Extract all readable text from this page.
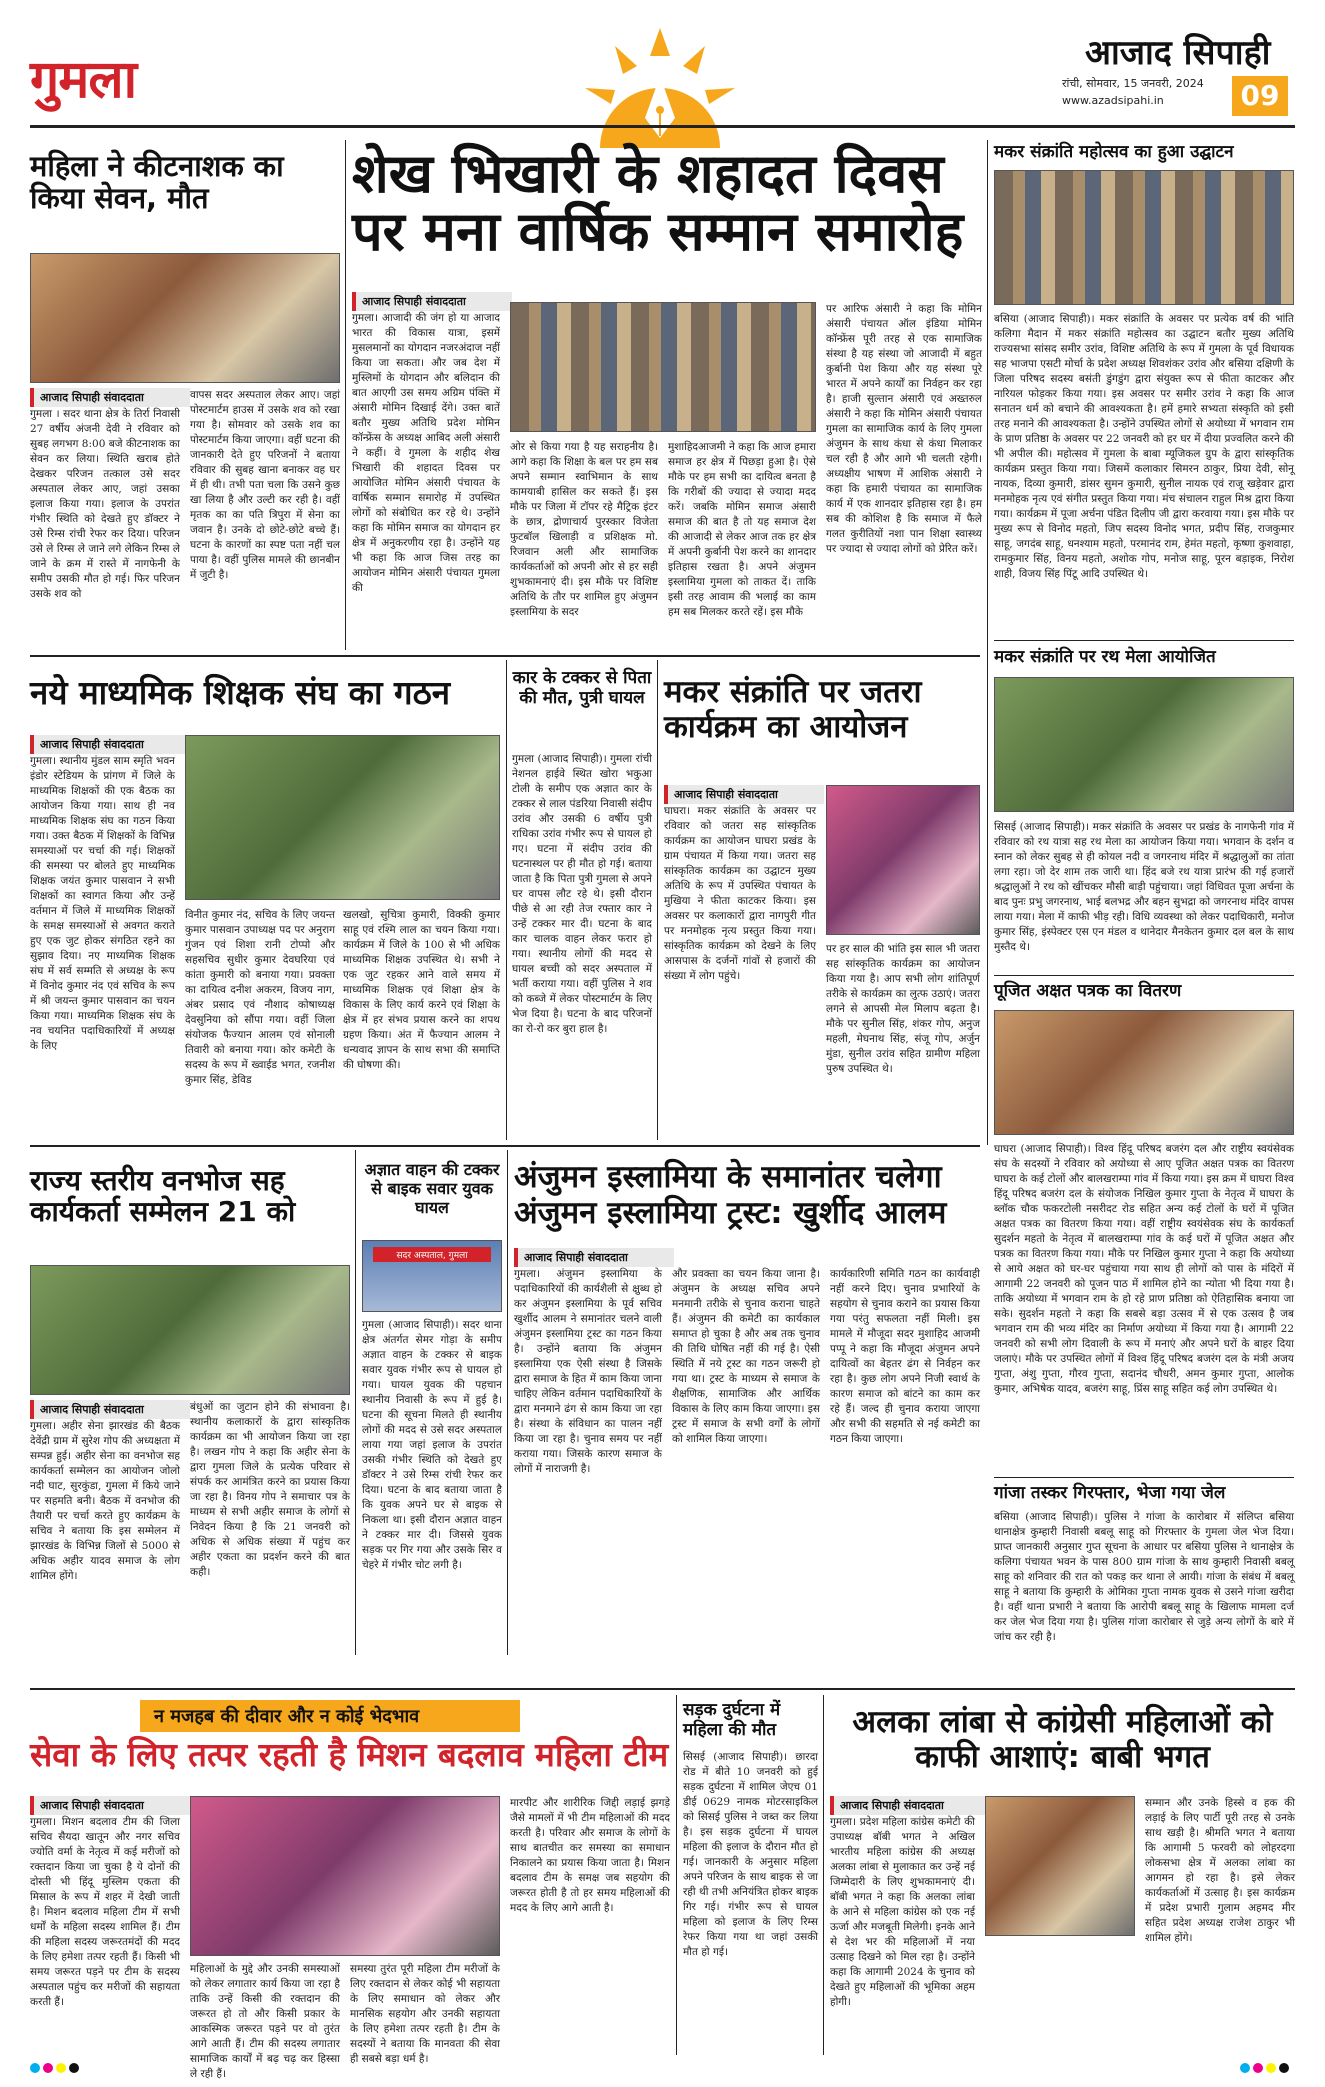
गुमला	आजाद सिपाही
रांची, सोमवार, 15 जनवरी, 2024
www.azadsipahi.in	09
महिला ने कीटनाशक का किया सेवन, मौत
आजाद सिपाही संवाददाता
गुमला । सदर थाना क्षेत्र के तिर्रा निवासी 27 वर्षीय अंजनी देवी ने रविवार को सुबह लगभग 8:00 बजे कीटनाशक का सेवन कर लिया। स्थिति खराब होते देखकर परिजन तत्काल उसे सदर अस्पताल लेकर आए, जहां उसका इलाज किया गया। इलाज के उपरांत गंभीर स्थिति को देखते हुए डॉक्टर ने उसे रिम्स रांची रेफर कर दिया। परिजन उसे ले रिम्स ले जाने लगे लेकिन रिम्स ले जाने के क्रम में रास्ते में नागफेनी के समीप उसकी मौत हो गई। फिर परिजन उसके शव को
वापस सदर अस्पताल लेकर आए। जहां पोस्टमार्टम हाउस में उसके शव को रखा गया है। सोमवार को उसके शव का पोस्टमार्टम किया जाएगा। वहीं घटना की जानकारी देते हुए परिजनों ने बताया रविवार की सुबह खाना बनाकर वह घर में ही थी। तभी पता चला कि उसने कुछ खा लिया है और उल्टी कर रही है। वहीं मृतक का का पति त्रिपुरा में सेना का जवान है। उनके दो छोटे-छोटे बच्चे हैं। घटना के कारणों का स्पष्ट पता नहीं चल पाया है। वहीं पुलिस मामले की छानबीन में जुटी है।
शेख भिखारी के शहादत दिवस पर मना वार्षिक सम्मान समारोह
आजाद सिपाही संवाददाता
गुमला। आजादी की जंग हो या आजाद भारत की विकास यात्रा, इसमें मुसलमानों का योगदान नजरअंदाज नहीं किया जा सकता। और जब देश में मुस्लिमों के योगदान और बलिदान की बात आएगी उस समय अग्रिम पंक्ति में अंसारी मोमिन दिखाई देंगे। उक्त बातें बतौर मुख्य अतिथि प्रदेश मोमिन कॉन्फ्रेंस के अध्यक्ष आबिद अली अंसारी ने कहीं। वे गुमला के शहीद शेख भिखारी की शहादत दिवस पर आयोजित मोमिन अंसारी पंचायत के वार्षिक सम्मान समारोह में उपस्थित लोगों को संबोधित कर रहे थे। उन्होंने कहा कि मोमिन समाज का योगदान हर क्षेत्र में अनुकरणीय रहा है। उन्होंने यह भी कहा कि आज जिस तरह का आयोजन मोमिन अंसारी पंचायत गुमला की
ओर से किया गया है यह सराहनीय है। आगे कहा कि शिक्षा के बल पर हम सब अपने सम्मान स्वाभिमान के साथ कामयाबी हासिल कर सकते हैं। इस मौके पर जिला में टॉपर रहे मैट्रिक इंटर के छात्र, द्रोणाचार्य पुरस्कार विजेता फुटबॉल खिलाड़ी व प्रशिक्षक मो. रिजवान अली और सामाजिक कार्यकर्ताओं को अपनी ओर से हर सही शुभकामनाएं दी। इस मौके पर विशिष्ट अतिथि के तौर पर शामिल हुए अंजुमन इस्लामिया के सदर
मुशाहिदआजमी ने कहा कि आज हमारा समाज हर क्षेत्र में पिछड़ा हुआ है। ऐसे मौके पर हम सभी का दायित्व बनता है कि गरीबों की ज्यादा से ज्यादा मदद करें। जबकि मोमिन समाज अंसारी समाज की बात है तो यह समाज देश की आजादी से लेकर आज तक हर क्षेत्र में अपनी कुर्बानी पेश करने का शानदार इतिहास रखता है। अपने अंजुमन इस्लामिया गुमला को ताकत दें। ताकि इसी तरह आवाम की भलाई का काम हम सब मिलकर करते रहें। इस मौके
पर आरिफ अंसारी ने कहा कि मोमिन अंसारी पंचायत ऑल इंडिया मोमिन कॉन्फ्रेंस पूरी तरह से एक सामाजिक संस्था है यह संस्था जो आजादी में बहुत कुर्बानी पेश किया और यह संस्था पूरे भारत में अपने कार्यों का निर्वहन कर रहा है। हाजी सुल्तान अंसारी एवं अख्तरुल अंसारी ने कहा कि मोमिन अंसारी पंचायत गुमला का सामाजिक कार्य के लिए गुमला अंजुमन के साथ कंधा से कंधा मिलाकर चल रही है और आगे भी चलती रहेगी। अध्यक्षीय भाषण में आशिक अंसारी ने कहा कि हमारी पंचायत का सामाजिक कार्य में एक शानदार इतिहास रहा है। हम सब की कोशिश है कि समाज में फैले गलत कुरीतियों नशा पान शिक्षा स्वास्थ्य पर ज्यादा से ज्यादा लोगों को प्रेरित करें।
मकर संक्रांति महोत्सव का हुआ उद्घाटन
बसिया (आजाद सिपाही)। मकर संक्रांति के अवसर पर प्रत्येक वर्ष की भांति कलिगा मैदान में मकर संक्रांति महोत्सव का उद्घाटन बतौर मुख्य अतिथि राज्यसभा सांसद समीर उरांव, विशिष्ट अतिथि के रूप में गुमला के पूर्व विधायक सह भाजपा एसटी मोर्चा के प्रदेश अध्यक्ष शिवशंकर उरांव और बसिया दक्षिणी के जिला परिषद सदस्य बसंती डुंगडुंग द्वारा संयुक्त रूप से फीता काटकर और नारियल फोड़कर किया गया। इस अवसर पर समीर उरांव ने कहा कि आज सनातन धर्म को बचाने की आवश्यकता है। हमें हमारे सभ्यता संस्कृति को इसी तरह मनाने की आवश्यकता है। उन्होंने उपस्थित लोगों से अयोध्या में भगवान राम के प्राण प्रतिष्ठा के अवसर पर 22 जनवरी को हर घर में दीया प्रज्वलित करने की भी अपील की। महोत्सव में गुमला के बाबा म्यूजिकल ग्रुप के द्वारा सांस्कृतिक कार्यक्रम प्रस्तुत किया गया। जिसमें कलाकार सिमरन ठाकुर, प्रिया देवी, सोनू नायक, दिव्या कुमारी, डांसर सुमन कुमारी, सुनील नायक एवं राजू खड़ेवार द्वारा मनमोहक नृत्य एवं संगीत प्रस्तुत किया गया। मंच संचालन राहुल मिश्र द्वारा किया गया। कार्यक्रम में पूजा अर्चना पंडित दिलीप जी द्वारा करवाया गया। इस मौके पर मुख्य रूप से विनोद महतो, जिप सदस्य विनोद भगत, प्रदीप सिंह, राजकुमार साहू, जगदंब साहू, धनश्याम महतो, परमानंद राम, हेमंत महतो, कृष्णा कुशवाहा, रामकुमार सिंह, विनय महतो, अशोक गोप, मनोज साहू, पूरन बड़ाइक, निरोश शाही, विजय सिंह पिंटू आदि उपस्थित थे।
मकर संक्रांति पर रथ मेला आयोजित
सिसई (आजाद सिपाही)। मकर संक्रांति के अवसर पर प्रखंड के नागफेनी गांव में रविवार को रथ यात्रा सह रथ मेला का आयोजन किया गया। भगवान के दर्शन व स्नान को लेकर सुबह से ही कोयल नदी व जगरनाथ मंदिर में श्रद्धालुओं का तांता लगा रहा। जो देर शाम तक जारी था। हिंद बजे रथ यात्रा प्रारंभ की गई हजारों श्रद्धालुओं ने रथ को खींचकर मौसी बाड़ी पहुंचाया। जहां विधिवत पूजा अर्चना के बाद पुनः प्रभु जगरनाथ, भाई बलभद्र और बहन सुभद्रा को जगरनाथ मंदिर वापस लाया गया। मेला में काफी भीड़ रही। विधि व्यवस्था को लेकर पदाधिकारी, मनोज कुमार सिंह, इंस्पेक्टर एस एन मंडल व थानेदार मैनकेतन कुमार दल बल के साथ मुस्तैद थे।
पूजित अक्षत पत्रक का वितरण
घाघरा (आजाद सिपाही)। विश्व हिंदू परिषद बजरंग दल और राष्ट्रीय स्वयंसेवक संघ के सदस्यों ने रविवार को अयोध्या से आए पूजित अक्षत पत्रक का वितरण घाघरा के कई टोलों और बालखराम्पा गांव में किया गया। इस क्रम में घाघरा विश्व हिंदू परिषद बजरंग दल के संयोजक निखिल कुमार गुप्ता के नेतृत्व में घाघरा के ब्लॉक चौक फकरटोली नसरीदट रोड सहित अन्य कई टोलों के घरों में पूजित अक्षत पत्रक का वितरण किया गया। वहीं राष्ट्रीय स्वयंसेवक संघ के कार्यकर्ता सुदर्शन महतो के नेतृत्व में बालखराम्पा गांव के कई घरों में पूजित अक्षत और पत्रक का वितरण किया गया। मौके पर निखिल कुमार गुप्ता ने कहा कि अयोध्या से आये अक्षत को घर-घर पहुंचाया गया साथ ही लोगों को पास के मंदिरों में आगामी 22 जनवरी को पूजन पाठ में शामिल होने का न्योता भी दिया गया है। ताकि अयोध्या में भगवान राम के हो रहे प्राण प्रतिष्ठा को ऐतिहासिक बनाया जा सके। सुदर्शन महतो ने कहा कि सबसे बड़ा उत्सव में से एक उत्सव है जब भगवान राम की भव्य मंदिर का निर्माण अयोध्या में किया गया है। आगामी 22 जनवरी को सभी लोग दिवाली के रूप में मनाएं और अपने घरों के बाहर दिया जलाएं। मौके पर उपस्थित लोगों में विश्व हिंदू परिषद बजरंग दल के मंत्री अजय गुप्ता, अंशु गुप्ता, गौरव गुप्ता, सदानंद चौधरी, अमन कुमार गुप्ता, आलोक कुमार, अभिषेक यादव, बजरंग साहू, प्रिंस साहू सहित कई लोग उपस्थित थे।
गांजा तस्कर गिरफ्तार, भेजा गया जेल
बसिया (आजाद सिपाही)। पुलिस ने गांजा के कारोबार में संलिप्त बसिया थानाक्षेत्र कुम्हारी निवासी बबलू साहू को गिरफ्तार के गुमला जेल भेज दिया। प्राप्त जानकारी अनुसार गुप्त सूचना के आधार पर बसिया पुलिस ने थानाक्षेत्र के कलिगा पंचायत भवन के पास 800 ग्राम गांजा के साथ कुम्हारी निवासी बबलू साहू को शनिवार की रात को पकड़ कर थाना ले आयी। गांजा के संबंध में बबलू साहू ने बताया कि कुम्हारी के ओमिका गुप्ता नामक युवक से उसने गांजा खरीदा है। वहीं थाना प्रभारी ने बताया कि आरोपी बबलू साहू के खिलाफ मामला दर्ज कर जेल भेज दिया गया है। पुलिस गांजा कारोबार से जुड़े अन्य लोगों के बारे में जांच कर रही है।
नये माध्यमिक शिक्षक संघ का गठन
आजाद सिपाही संवाददाता
गुमला। स्थानीय मुंडल साम स्मृति भवन इंडोर स्टेडियम के प्रांगण में जिले के माध्यमिक शिक्षकों की एक बैठक का आयोजन किया गया। साथ ही नव माध्यमिक शिक्षक संघ का गठन किया गया। उक्त बैठक में शिक्षकों के विभिन्न समस्याओं पर चर्चा की गई। शिक्षकों की समस्या पर बोलते हुए माध्यमिक शिक्षक जयंत कुमार पासवान ने सभी शिक्षकों का स्वागत किया और उन्हें वर्तमान में जिले में माध्यमिक शिक्षकों के समक्ष समस्याओं से अवगत कराते हुए एक जुट होकर संगठित रहने का सुझाव दिया। नए माध्यमिक शिक्षक संघ में सर्व सम्मति से अध्यक्ष के रूप में विनोद कुमार नंद एवं सचिव के रूप में श्री जयन्त कुमार पासवान का चयन किया गया। माध्यमिक शिक्षक संघ के नव चयनित पदाधिकारियों में अध्यक्ष के लिए
विनीत कुमार नंद, सचिव के लिए जयन्त कुमार पासवान उपाध्यक्ष पद पर अनुराग गुंजन एवं शिशा रानी टोप्पो और सहसचिव सुधीर कुमार देवघरिया एवं कांता कुमारी को बनाया गया। प्रवक्ता का दायित्व दनीश अकरम, विजय नाग, अंबर प्रसाद एवं नौशाद कोषाध्यक्ष देवसुनिया को सौंपा गया। वहीं जिला संयोजक फैज्यान आलम एवं सोनाली तिवारी को बनाया गया। कोर कमेटी के सदस्य के रूप में ख्वाईड भगत, रजनीश कुमार सिंह, डेविड
खलखो, सुचित्रा कुमारी, विक्की कुमार साहू एवं रश्मि लाल का चयन किया गया। कार्यक्रम में जिले के 100 से भी अधिक माध्यमिक शिक्षक उपस्थित थे। सभी ने एक जुट रहकर आने वाले समय में माध्यमिक शिक्षक एवं शिक्षा क्षेत्र के विकास के लिए कार्य करने एवं शिक्षा के क्षेत्र में हर संभव प्रयास करने का शपथ ग्रहण किया। अंत में फैज्यान आलम ने धन्यवाद ज्ञापन के साथ सभा की समाप्ति की घोषणा की।
कार के टक्कर से पिता की मौत, पुत्री घायल
गुमला (आजाद सिपाही)। गुमला रांची नेशनल हाईवे स्थित खोरा भकुआ टोली के समीप एक अज्ञात कार के टक्कर से लाल पंडरिया निवासी संदीप उरांव और उसकी 6 वर्षीय पुत्री राधिका उरांव गंभीर रूप से घायल हो गए। घटना में संदीप उरांव की घटनास्थल पर ही मौत हो गई। बताया जाता है कि पिता पुत्री गुमला से अपने घर वापस लौट रहे थे। इसी दौरान पीछे से आ रही तेज रफ्तार कार ने उन्हें टक्कर मार दी। घटना के बाद कार चालक वाहन लेकर फरार हो गया। स्थानीय लोगों की मदद से घायल बच्ची को सदर अस्पताल में भर्ती कराया गया। वहीं पुलिस ने शव को कब्जे में लेकर पोस्टमार्टम के लिए भेज दिया है। घटना के बाद परिजनों का रो-रो कर बुरा हाल है।
मकर संक्रांति पर जतरा कार्यक्रम का आयोजन
आजाद सिपाही संवाददाता
घाघरा। मकर संक्रांति के अवसर पर रविवार को जतरा सह सांस्कृतिक कार्यक्रम का आयोजन घाघरा प्रखंड के ग्राम पंचायत में किया गया। जतरा सह सांस्कृतिक कार्यक्रम का उद्घाटन मुख्य अतिथि के रूप में उपस्थित पंचायत के मुखिया ने फीता काटकर किया। इस अवसर पर कलाकारों द्वारा नागपुरी गीत पर मनमोहक नृत्य प्रस्तुत किया गया। सांस्कृतिक कार्यक्रम को देखने के लिए आसपास के दर्जनों गांवों से हजारों की संख्या में लोग पहुंचे।
पर हर साल की भांति इस साल भी जतरा सह सांस्कृतिक कार्यक्रम का आयोजन किया गया है। आप सभी लोग शांतिपूर्ण तरीके से कार्यक्रम का लुत्फ उठाएं। जतरा लगने से आपसी मेल मिलाप बढ़ता है। मौके पर सुनील सिंह, शंकर गोप, अनुज महली, मेघनाथ सिंह, संजू गोप, अर्जुन मुंडा, सुनील उरांव सहित ग्रामीण महिला पुरुष उपस्थित थे।
राज्य स्तरीय वनभोज सह कार्यकर्ता सम्मेलन 21 को
आजाद सिपाही संवाददाता
गुमला। अहीर सेना झारखंड की बैठक देवेंद्री ग्राम में सुरेश गोप की अध्यक्षता में सम्पन्न हुई। अहीर सेना का वनभोज सह कार्यकर्ता सम्मेलन का आयोजन जोलो नदी घाट, सुरकुंडा, गुमला में किये जाने पर सहमति बनी। बैठक में वनभोज की तैयारी पर चर्चा करते हुए कार्यक्रम के सचिव ने बताया कि इस सम्मेलन में झारखंड के विभिन्न जिलों से 5000 से अधिक अहीर यादव समाज के लोग शामिल होंगे।
बंधुओं का जुटान होने की संभावना है। स्थानीय कलाकारों के द्वारा सांस्कृतिक कार्यक्रम का भी आयोजन किया जा रहा है। लखन गोप ने कहा कि अहीर सेना के द्वारा गुमला जिले के प्रत्येक परिवार से संपर्क कर आमंत्रित करने का प्रयास किया जा रहा है। विनय गोप ने समाचार पत्र के माध्यम से सभी अहीर समाज के लोगों से निवेदन किया है कि 21 जनवरी को अधिक से अधिक संख्या में पहुंच कर अहीर एकता का प्रदर्शन करने की बात कही।
अज्ञात वाहन की टक्कर से बाइक सवार युवक घायल
सदर अस्पताल, गुमला
गुमला (आजाद सिपाही)। सदर थाना क्षेत्र अंतर्गत सेमर गोड़ा के समीप अज्ञात वाहन के टक्कर से बाइक सवार युवक गंभीर रूप से घायल हो गया। घायल युवक की पहचान स्थानीय निवासी के रूप में हुई है। घटना की सूचना मिलते ही स्थानीय लोगों की मदद से उसे सदर अस्पताल लाया गया जहां इलाज के उपरांत उसकी गंभीर स्थिति को देखते हुए डॉक्टर ने उसे रिम्स रांची रेफर कर दिया। घटना के बाद बताया जाता है कि युवक अपने घर से बाइक से निकला था। इसी दौरान अज्ञात वाहन ने टक्कर मार दी। जिससे युवक सड़क पर गिर गया और उसके सिर व चेहरे में गंभीर चोट लगी है।
अंजुमन इस्लामिया के समानांतर चलेगा अंजुमन इस्लामिया ट्रस्ट: खुर्शीद आलम
आजाद सिपाही संवाददाता
गुमला। अंजुमन इस्लामिया के पदाधिकारियों की कार्यशैली से क्षुब्ध हो कर अंजुमन इस्लामिया के पूर्व सचिव खुर्शीद आलम ने समानांतर चलने वाली अंजुमन इस्लामिया ट्रस्ट का गठन किया है। उन्होंने बताया कि अंजुमन इस्लामिया एक ऐसी संस्था है जिसके द्वारा समाज के हित में काम किया जाना चाहिए लेकिन वर्तमान पदाधिकारियों के द्वारा मनमाने ढंग से काम किया जा रहा है। संस्था के संविधान का पालन नहीं किया जा रहा है। चुनाव समय पर नहीं कराया गया। जिसके कारण समाज के लोगों में नाराजगी है।
और प्रवक्ता का चयन किया जाना है। अंजुमन के अध्यक्ष सचिव अपने मनमानी तरीके से चुनाव कराना चाहते हैं। अंजुमन की कमेटी का कार्यकाल समाप्त हो चुका है और अब तक चुनाव की तिथि घोषित नहीं की गई है। ऐसी स्थिति में नये ट्रस्ट का गठन जरूरी हो गया था। ट्रस्ट के माध्यम से समाज के शैक्षणिक, सामाजिक और आर्थिक विकास के लिए काम किया जाएगा। इस ट्रस्ट में समाज के सभी वर्गों के लोगों को शामिल किया जाएगा।
कार्यकारिणी समिति गठन का कार्यवाही नहीं करने दिए। चुनाव प्रभारियों के सहयोग से चुनाव कराने का प्रयास किया गया परंतु सफलता नहीं मिली। इस मामले में मौजूदा सदर मुशाहिद आजमी पप्पू ने कहा कि मौजूदा अंजुमन अपने दायित्वों का बेहतर ढंग से निर्वहन कर रहा है। कुछ लोग अपने निजी स्वार्थ के कारण समाज को बांटने का काम कर रहे हैं। जल्द ही चुनाव कराया जाएगा और सभी की सहमति से नई कमेटी का गठन किया जाएगा।
न मजहब की दीवार और न कोई भेदभाव
सेवा के लिए तत्पर रहती है मिशन बदलाव महिला टीम
आजाद सिपाही संवाददाता
गुमला। मिशन बदलाव टीम की जिला सचिव सैयदा खातून और नगर सचिव ज्योति वर्मा के नेतृत्व में कई मरीजों को रक्तदान किया जा चुका है ये दोनों की दोस्ती भी हिंदू मुस्लिम एकता की मिसाल के रूप में शहर में देखी जाती है। मिशन बदलाव महिला टीम में सभी धर्मों के महिला सदस्य शामिल हैं। टीम की महिला सदस्य जरूरतमंदों की मदद के लिए हमेशा तत्पर रहती हैं। किसी भी समय जरूरत पड़ने पर टीम के सदस्य अस्पताल पहुंच कर मरीजों की सहायता करती हैं।
महिलाओं के मुद्दे और उनकी समस्याओं को लेकर लगातार कार्य किया जा रहा है ताकि उन्हें किसी की रक्तदान की जरूरत हो तो और किसी प्रकार के आकस्मिक जरूरत पड़ने पर वो तुरंत आगे आती हैं। टीम की सदस्य लगातार सामाजिक कार्यों में बढ़ चढ़ कर हिस्सा ले रही हैं।
समस्या तुरंत पूरी महिला टीम मरीजों के लिए रक्तदान से लेकर कोई भी सहायता के लिए समाधान को लेकर और मानसिक सहयोग और उनकी सहायता के लिए हमेशा तत्पर रहती है। टीम के सदस्यों ने बताया कि मानवता की सेवा ही सबसे बड़ा धर्म है।
मारपीट और शारीरिक जिद्दी लड़ाई झगड़े जैसे मामलों में भी टीम महिलाओं की मदद करती है। परिवार और समाज के लोगों के साथ बातचीत कर समस्या का समाधान निकालने का प्रयास किया जाता है। मिशन बदलाव टीम के समक्ष जब सहयोग की जरूरत होती है तो हर समय महिलाओं की मदद के लिए आगे आती है।
सड़क दुर्घटना में महिला की मौत
सिसई (आजाद सिपाही)। छारदा रोड में बीते 10 जनवरी को हुई सड़क दुर्घटना में शामिल जेएच 01 डीई 0629 नामक मोटरसाइकिल को सिसई पुलिस ने जब्त कर लिया है। इस सड़क दुर्घटना में घायल महिला की इलाज के दौरान मौत हो गई। जानकारी के अनुसार महिला अपने परिजन के साथ बाइक से जा रही थी तभी अनियंत्रित होकर बाइक गिर गई। गंभीर रूप से घायल महिला को इलाज के लिए रिम्स रेफर किया गया था जहां उसकी मौत हो गई।
अलका लांबा से कांग्रेसी महिलाओं को काफी आशाएं: बाबी भगत
आजाद सिपाही संवाददाता
गुमला। प्रदेश महिला कांग्रेस कमेटी की उपाध्यक्ष बॉबी भगत ने अखिल भारतीय महिला कांग्रेस की अध्यक्ष अलका लांबा से मुलाकात कर उन्हें नई जिम्मेदारी के लिए शुभकामनाएं दी। बॉबी भगत ने कहा कि अलका लांबा के आने से महिला कांग्रेस को एक नई ऊर्जा और मजबूती मिलेगी। इनके आने से देश भर की महिलाओं में नया उत्साह दिखने को मिल रहा है। उन्होंने कहा कि आगामी 2024 के चुनाव को देखते हुए महिलाओं की भूमिका अहम होगी।
सम्मान और उनके हिस्से व हक की लड़ाई के लिए पार्टी पूरी तरह से उनके साथ खड़ी है। श्रीमति भगत ने बताया कि आगामी 5 फरवरी को लोहरदगा लोकसभा क्षेत्र में अलका लांबा का आगमन हो रहा है। इसे लेकर कार्यकर्ताओं में उत्साह है। इस कार्यक्रम में प्रदेश प्रभारी गुलाम अहमद मीर सहित प्रदेश अध्यक्ष राजेश ठाकुर भी शामिल होंगे।
